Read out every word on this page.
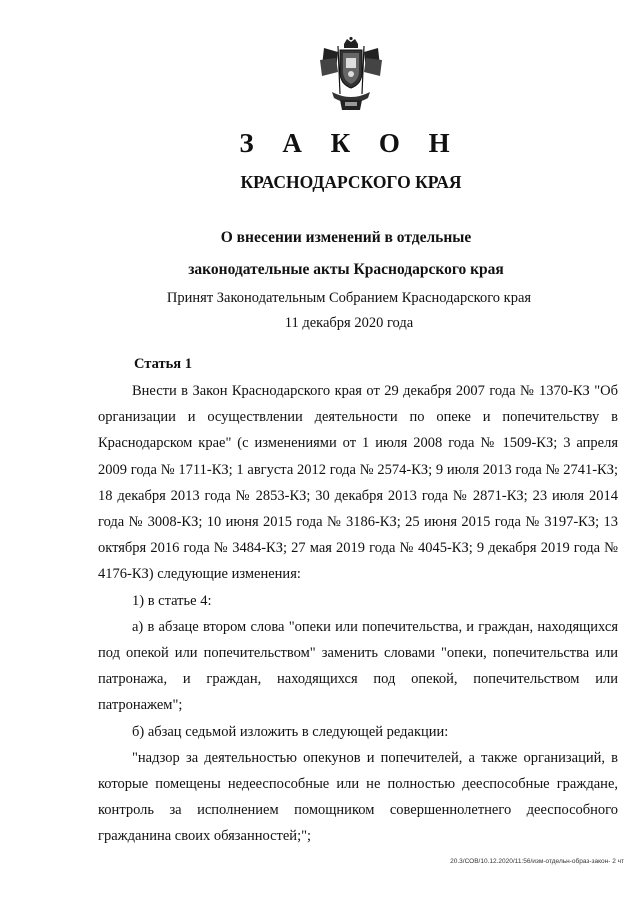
З А К О Н
КРАСНОДАРСКОГО КРАЯ
О внесении изменений в отдельные
законодательные акты Краснодарского края
Принят Законодательным Собранием Краснодарского края
11 декабря 2020 года
Статья 1

Внести в Закон Краснодарского края от 29 декабря 2007 года № 1370-КЗ "Об организации и осуществлении деятельности по опеке и попечительству в Краснодарском крае" (с изменениями от 1 июля 2008 года № 1509-КЗ; 3 апреля 2009 года № 1711-КЗ; 1 августа 2012 года № 2574-КЗ; 9 июля 2013 года № 2741-КЗ; 18 декабря 2013 года № 2853-КЗ; 30 декабря 2013 года № 2871-КЗ; 23 июля 2014 года № 3008-КЗ; 10 июня 2015 года № 3186-КЗ; 25 июня 2015 года № 3197-КЗ; 13 октября 2016 года № 3484-КЗ; 27 мая 2019 года № 4045-КЗ; 9 декабря 2019 года № 4176-КЗ) следующие изменения:

1) в статье 4:

а) в абзаце втором слова "опеки или попечительства, и граждан, находящихся под опекой или попечительством" заменить словами "опеки, попечительства или патронажа, и граждан, находящихся под опекой, попечительством или патронажем";

б) абзац седьмой изложить в следующей редакции:

"надзор за деятельностью опекунов и попечителей, а также организаций, в которые помещены недееспособные или не полностью дееспособные граждане, контроль за исполнением помощником совершеннолетнего дееспособного гражданина своих обязанностей;";

20.3/СОВ/10.12.2020/11:56/изм-отдельн-образ-закон- 2 чт
